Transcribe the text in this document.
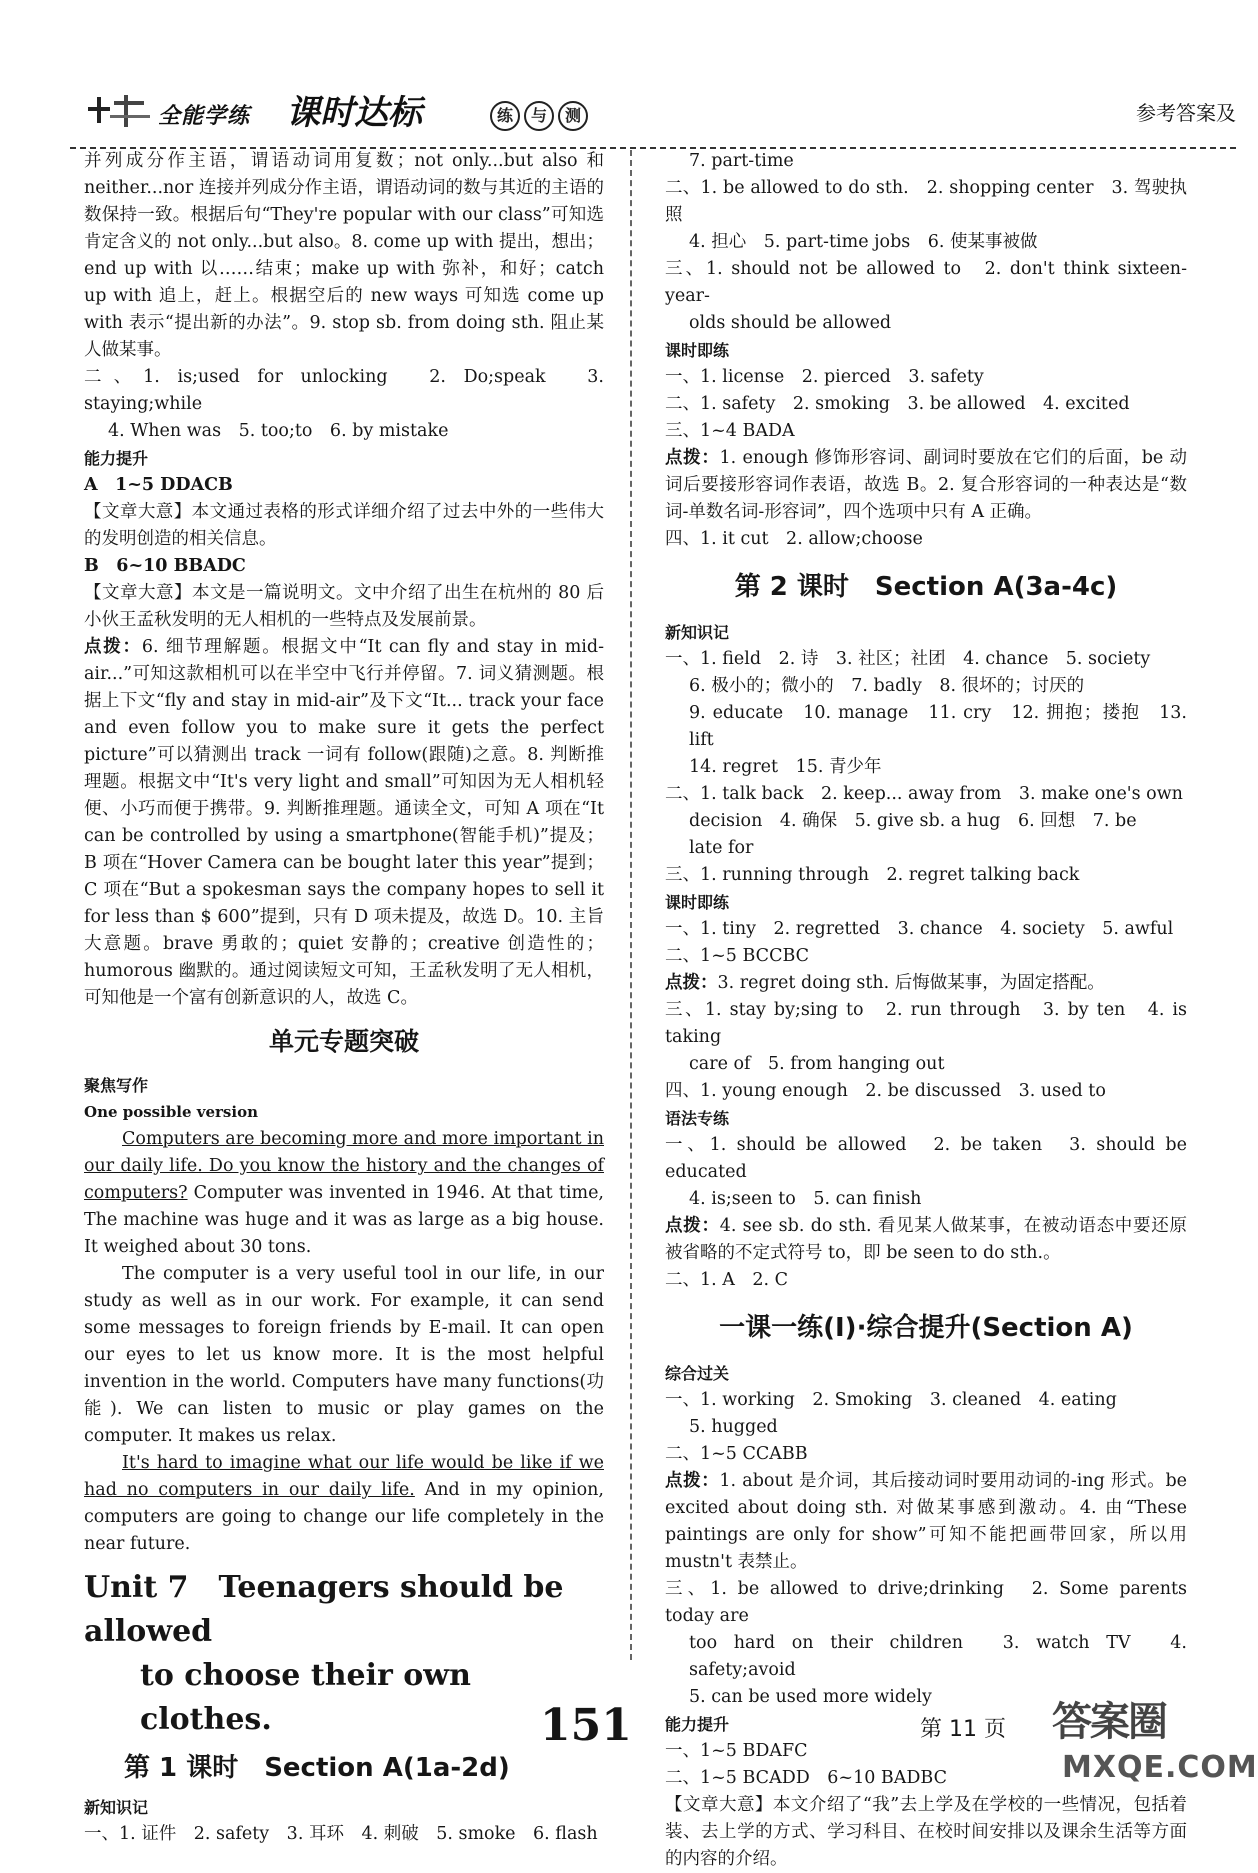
全能学练 课时达标	练 与 测	参考答案及

并列成分作主语，谓语动词用复数；not only...but also 和 neither...nor 连接并列成分作主语，谓语动词的数与其近的主语的数保持一致。根据后句“They're popular with our class”可知选肯定含义的 not only...but also。8. come up with 提出，想出；end up with 以……结束；make up with 弥补，和好；catch up with 追上，赶上。根据空后的 new ways 可知选 come up with 表示“提出新的办法”。9. stop sb. from doing sth. 阻止某人做某事。

二、1. is;used for unlocking　2. Do;speak　3. staying;while

4. When was　5. too;to　6. by mistake

能力提升

A　1~5 DDACB

【文章大意】本文通过表格的形式详细介绍了过去中外的一些伟大的发明创造的相关信息。

B　6~10 BBADC

【文章大意】本文是一篇说明文。文中介绍了出生在杭州的 80 后小伙王孟秋发明的无人相机的一些特点及发展前景。

点拨：6. 细节理解题。根据文中“It can fly and stay in mid-air...”可知这款相机可以在半空中飞行并停留。7. 词义猜测题。根据上下文“fly and stay in mid-air”及下文“It... track your face and even follow you to make sure it gets the perfect picture”可以猜测出 track 一词有 follow(跟随)之意。8. 判断推理题。根据文中“It's very light and small”可知因为无人相机轻便、小巧而便于携带。9. 判断推理题。通读全文，可知 A 项在“It can be controlled by using a smartphone(智能手机)”提及；B 项在“Hover Camera can be bought later this year”提到；C 项在“But a spokesman says the company hopes to sell it for less than $ 600”提到，只有 D 项未提及，故选 D。10. 主旨大意题。brave 勇敢的；quiet 安静的；creative 创造性的；humorous 幽默的。通过阅读短文可知，王孟秋发明了无人相机，可知他是一个富有创新意识的人，故选 C。

单元专题突破

聚焦写作

One possible version

Computers are becoming more and more important in our daily life. Do you know the history and the changes of computers? Computer was invented in 1946. At that time, The machine was huge and it was as large as a big house. It weighed about 30 tons.

The computer is a very useful tool in our life, in our study as well as in our work. For example, it can send some messages to foreign friends by E-mail. It can open our eyes to let us know more. It is the most helpful invention in the world. Computers have many functions(功能). We can listen to music or play games on the computer. It makes us relax.

It's hard to imagine what our life would be like if we had no computers in our daily life. And in my opinion, computers are going to change our life completely in the near future.

Unit 7　Teenagers should be allowed
to choose their own clothes.
第 1 课时　Section A(1a-2d)

新知识记

一、1. 证件　2. safety　3. 耳环　4. 刺破　5. smoke　6. flash

7. part-time

二、1. be allowed to do sth.　2. shopping center　3. 驾驶执照

4. 担心　5. part-time jobs　6. 使某事被做

三、1. should not be allowed to　2. don't think sixteen-year-

olds should be allowed

课时即练

一、1. license　2. pierced　3. safety

二、1. safety　2. smoking　3. be allowed　4. excited

三、1~4 BADA

点拨：1. enough 修饰形容词、副词时要放在它们的后面，be 动词后要接形容词作表语，故选 B。2. 复合形容词的一种表达是“数词-单数名词-形容词”，四个选项中只有 A 正确。

四、1. it cut　2. allow;choose

第 2 课时　Section A(3a-4c)

新知识记

一、1. field　2. 诗　3. 社区；社团　4. chance　5. society

6. 极小的；微小的　7. badly　8. 很坏的；讨厌的

9. educate　10. manage　11. cry　12. 拥抱；搂抱　13. lift

14. regret　15. 青少年

二、1. talk back　2. keep... away from　3. make one's own

decision　4. 确保　5. give sb. a hug　6. 回想　7. be

late for

三、1. running through　2. regret talking back

课时即练

一、1. tiny　2. regretted　3. chance　4. society　5. awful

二、1~5 BCCBC

点拨：3. regret doing sth. 后悔做某事，为固定搭配。

三、1. stay by;sing to　2. run through　3. by ten　4. is taking

care of　5. from hanging out

四、1. young enough　2. be discussed　3. used to

语法专练

一、1. should be allowed　2. be taken　3. should be educated

4. is;seen to　5. can finish

点拨：4. see sb. do sth. 看见某人做某事，在被动语态中要还原被省略的不定式符号 to，即 be seen to do sth.。

二、1. A　2. C

一课一练(Ⅰ)·综合提升(Section A)

综合过关

一、1. working　2. Smoking　3. cleaned　4. eating

5. hugged

二、1~5 CCABB

点拨：1. about 是介词，其后接动词时要用动词的-ing 形式。be excited about doing sth. 对做某事感到激动。4. 由“These paintings are only for show”可知不能把画带回家，所以用 mustn't 表禁止。

三、1. be allowed to drive;drinking　2. Some parents today are

too hard on their children　3. watch TV　4. safety;avoid

5. can be used more widely

能力提升

一、1~5 BDAFC

二、1~5 BCADD　6~10 BADBC

【文章大意】本文介绍了“我”去上学及在学校的一些情况，包括着装、去上学的方式、学习科目、在校时间安排以及课余生活等方面的内容的介绍。

151	第 11 页 答案圈
MXQE.COM
